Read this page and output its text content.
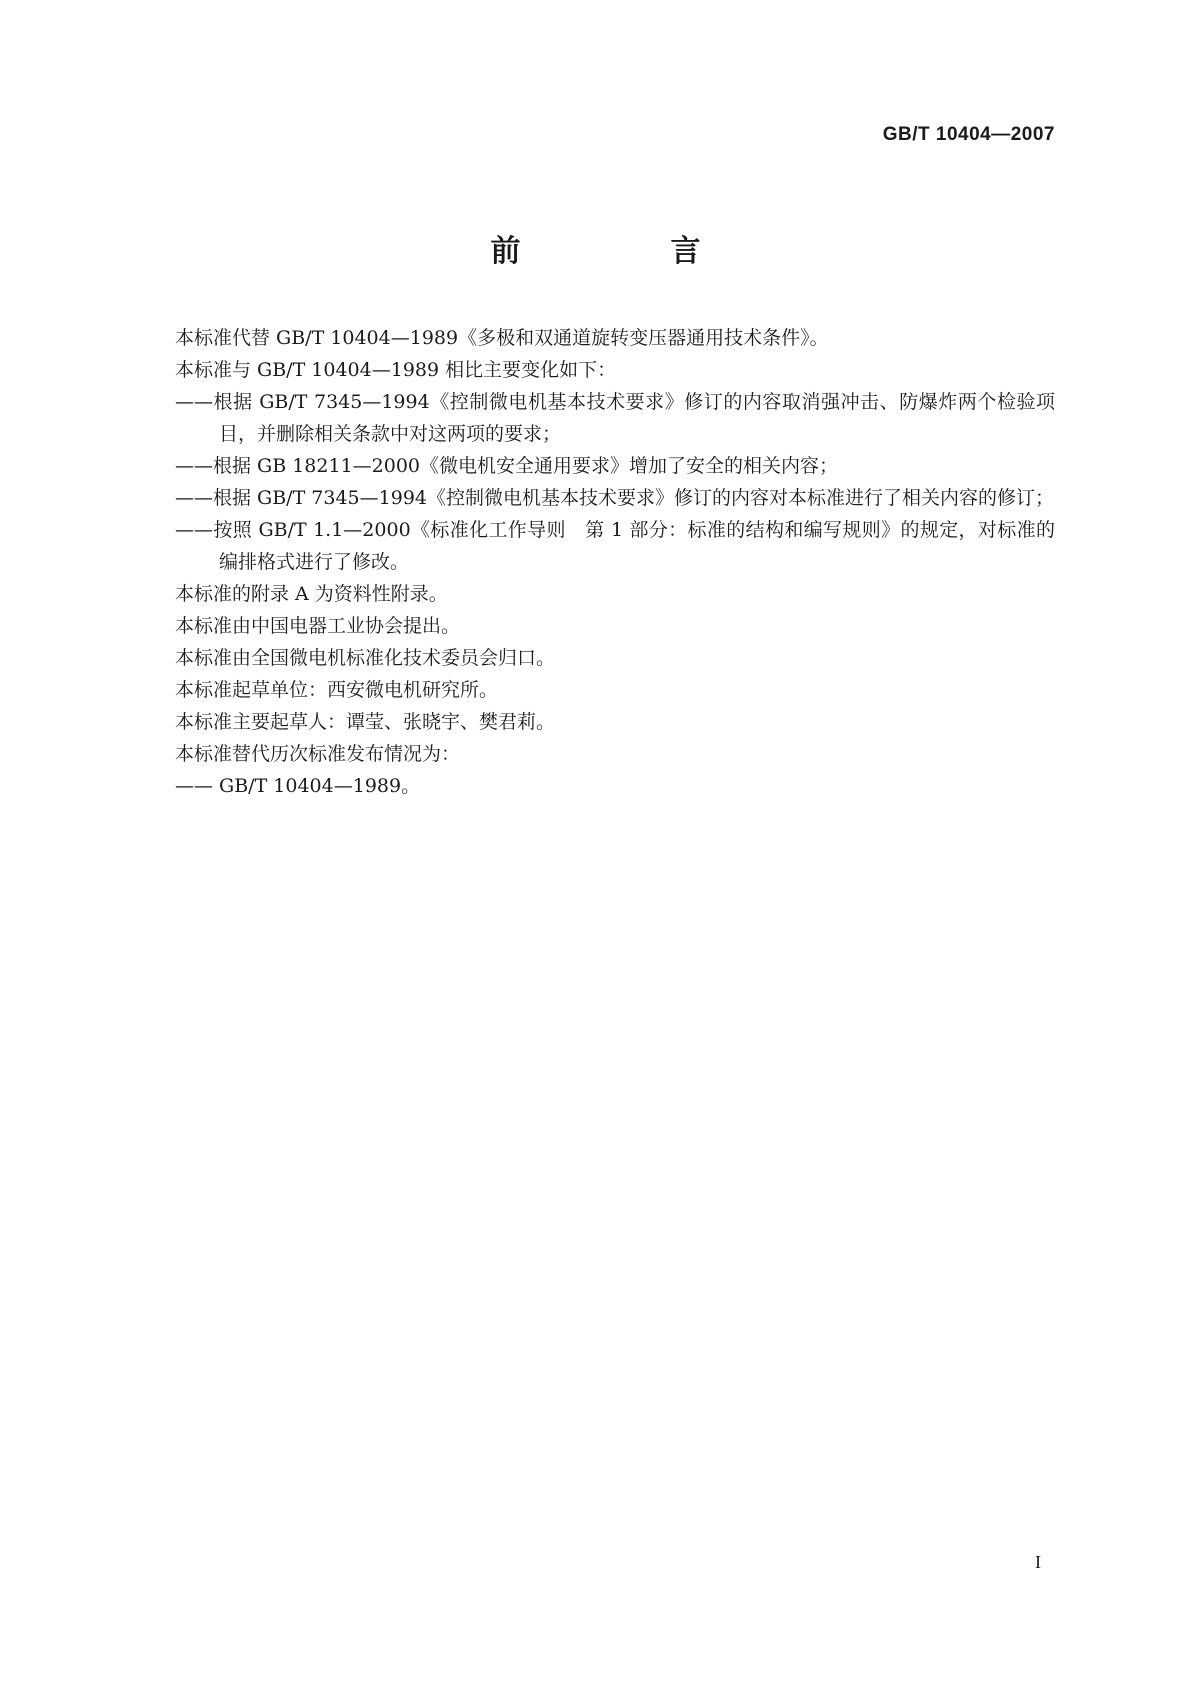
GB/T 10404—2007
前　言

本标准代替 GB/T 10404—1989《多极和双通道旋转变压器通用技术条件》。

本标准与 GB/T 10404—1989 相比主要变化如下：

——根据 GB/T 7345—1994《控制微电机基本技术要求》修订的内容取消强冲击、防爆炸两个检验项目，并删除相关条款中对这两项的要求；

——根据 GB 18211—2000《微电机安全通用要求》增加了安全的相关内容；

——根据 GB/T 7345—1994《控制微电机基本技术要求》修订的内容对本标准进行了相关内容的修订；

——按照 GB/T 1.1—2000《标准化工作导则　第 1 部分：标准的结构和编写规则》的规定，对标准的编排格式进行了修改。

本标准的附录 A 为资料性附录。

本标准由中国电器工业协会提出。

本标准由全国微电机标准化技术委员会归口。

本标准起草单位：西安微电机研究所。

本标准主要起草人：谭莹、张晓宇、樊君莉。

本标准替代历次标准发布情况为：

—— GB/T 10404—1989。

I
